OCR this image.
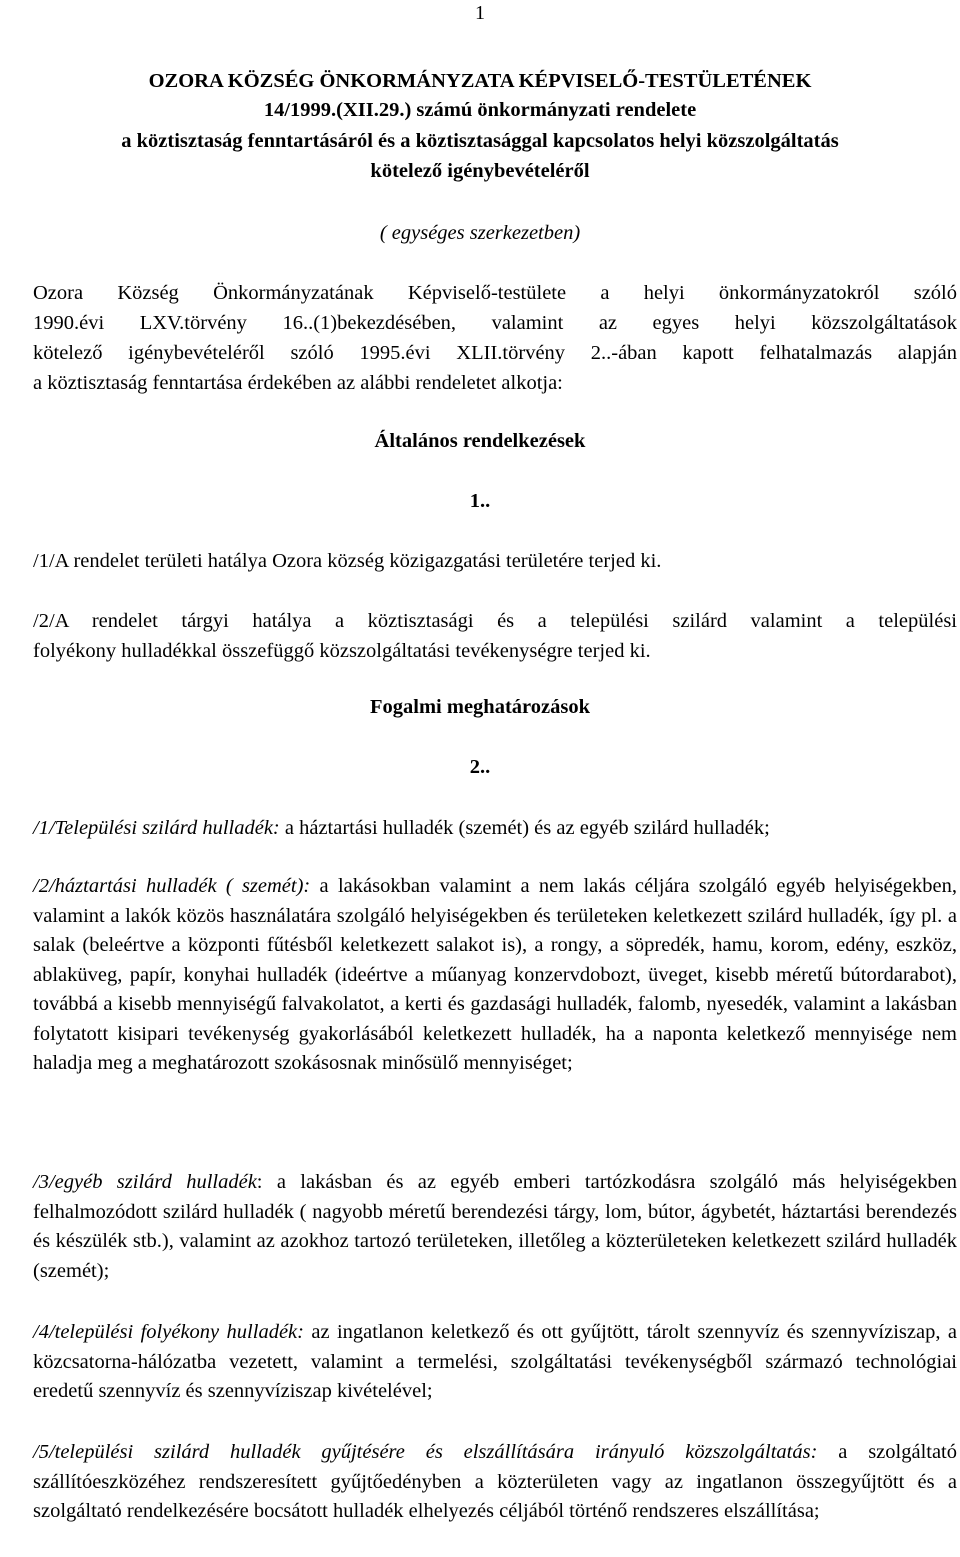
1
OZORA KÖZSÉG ÖNKORMÁNYZATA KÉPVISELŐ-TESTÜLETÉNEK
14/1999.(XII.29.) számú önkormányzati rendelete
a köztisztaság fenntartásáról és a köztisztasággal kapcsolatos helyi közszolgáltatás
kötelező igénybevételéről
( egységes szerkezetben)
Ozora Község Önkormányzatának Képviselő-testülete a helyi önkormányzatokról szóló
1990.évi LXV.törvény 16..(1)bekezdésében, valamint az egyes helyi közszolgáltatások
kötelező igénybevételéről szóló 1995.évi XLII.törvény 2..-ában kapott felhatalmazás alapján
a köztisztaság fenntartása érdekében az alábbi rendeletet alkotja:
Általános rendelkezések
1..
/1/A rendelet területi hatálya Ozora község közigazgatási területére terjed ki.
/2/A rendelet tárgyi hatálya a köztisztasági és a települési szilárd valamint a települési
folyékony hulladékkal összefüggő közszolgáltatási tevékenységre terjed ki.
Fogalmi meghatározások
2..
/1/Települési szilárd hulladék: a háztartási hulladék (szemét) és az egyéb szilárd hulladék;
/2/háztartási hulladék ( szemét): a lakásokban valamint a nem lakás céljára szolgáló egyéb helyiségekben, valamint a lakók közös használatára szolgáló helyiségekben és területeken keletkezett szilárd hulladék, így pl. a salak (beleértve a központi fűtésből keletkezett salakot is), a rongy, a söpredék, hamu, korom, edény, eszköz, ablaküveg, papír, konyhai hulladék (ideértve a műanyag konzervdobozt, üveget, kisebb méretű bútordarabot), továbbá a kisebb mennyiségű falvakolatot, a kerti és gazdasági hulladék, falomb, nyesedék, valamint a lakásban folytatott kisipari tevékenység gyakorlásából keletkezett hulladék, ha a naponta keletkező mennyisége nem haladja meg a meghatározott szokásosnak minősülő mennyiséget;
/3/egyéb szilárd hulladék: a lakásban és az egyéb emberi tartózkodásra szolgáló más helyiségekben felhalmozódott szilárd hulladék ( nagyobb méretű berendezési tárgy, lom, bútor, ágybetét, háztartási berendezés és készülék stb.), valamint az azokhoz tartozó területeken, illetőleg a közterületeken keletkezett szilárd hulladék (szemét);
/4/települési folyékony hulladék: az ingatlanon keletkező és ott gyűjtött, tárolt szennyvíz és szennyvíziszap, a közcsatorna-hálózatba vezetett, valamint a termelési, szolgáltatási tevékenységből származó technológiai eredetű szennyvíz és szennyvíziszap kivételével;
/5/települési szilárd hulladék gyűjtésére és elszállítására irányuló közszolgáltatás: a szolgáltató szállítóeszközéhez rendszeresített gyűjtőedényben a közterületen vagy az ingatlanon összegyűjtött és a szolgáltató rendelkezésére bocsátott hulladék elhelyezés céljából történő rendszeres elszállítása;
